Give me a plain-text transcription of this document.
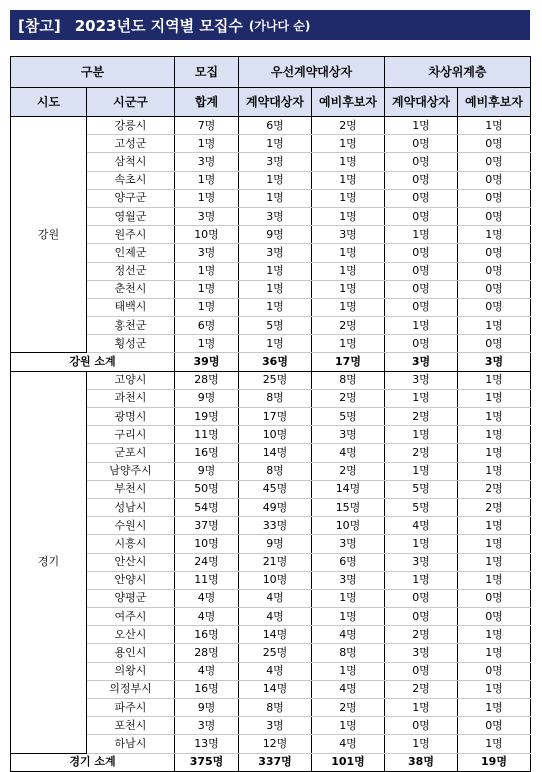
[참고] 2023년도 지역별 모집수 (가나다 순)
구분		모집	우선계약대상자		차상위계층	
시도	시군구	합계	계약대상자	예비후보자	계약대상자	예비후보자
강원	강릉시	7명	6명	2명	1명	1명
	고성군	1명	1명	1명	0명	0명
	삼척시	3명	3명	1명	0명	0명
	속초시	1명	1명	1명	0명	0명
	양구군	1명	1명	1명	0명	0명
	영월군	3명	3명	1명	0명	0명
	원주시	10명	9명	3명	1명	1명
	인제군	3명	3명	1명	0명	0명
	정선군	1명	1명	1명	0명	0명
	춘천시	1명	1명	1명	0명	0명
	태백시	1명	1명	1명	0명	0명
	홍천군	6명	5명	2명	1명	1명
	횡성군	1명	1명	1명	0명	0명
강원 소계		39명	36명	17명	3명	3명
경기	고양시	28명	25명	8명	3명	1명
	과천시	9명	8명	2명	1명	1명
	광명시	19명	17명	5명	2명	1명
	구리시	11명	10명	3명	1명	1명
	군포시	16명	14명	4명	2명	1명
	남양주시	9명	8명	2명	1명	1명
	부천시	50명	45명	14명	5명	2명
	성남시	54명	49명	15명	5명	2명
	수원시	37명	33명	10명	4명	1명
	시흥시	10명	9명	3명	1명	1명
	안산시	24명	21명	6명	3명	1명
	안양시	11명	10명	3명	1명	1명
	양평군	4명	4명	1명	0명	0명
	여주시	4명	4명	1명	0명	0명
	오산시	16명	14명	4명	2명	1명
	용인시	28명	25명	8명	3명	1명
	의왕시	4명	4명	1명	0명	0명
	의정부시	16명	14명	4명	2명	1명
	파주시	9명	8명	2명	1명	1명
	포천시	3명	3명	1명	0명	0명
	하남시	13명	12명	4명	1명	1명
경기 소계		375명	337명	101명	38명	19명
